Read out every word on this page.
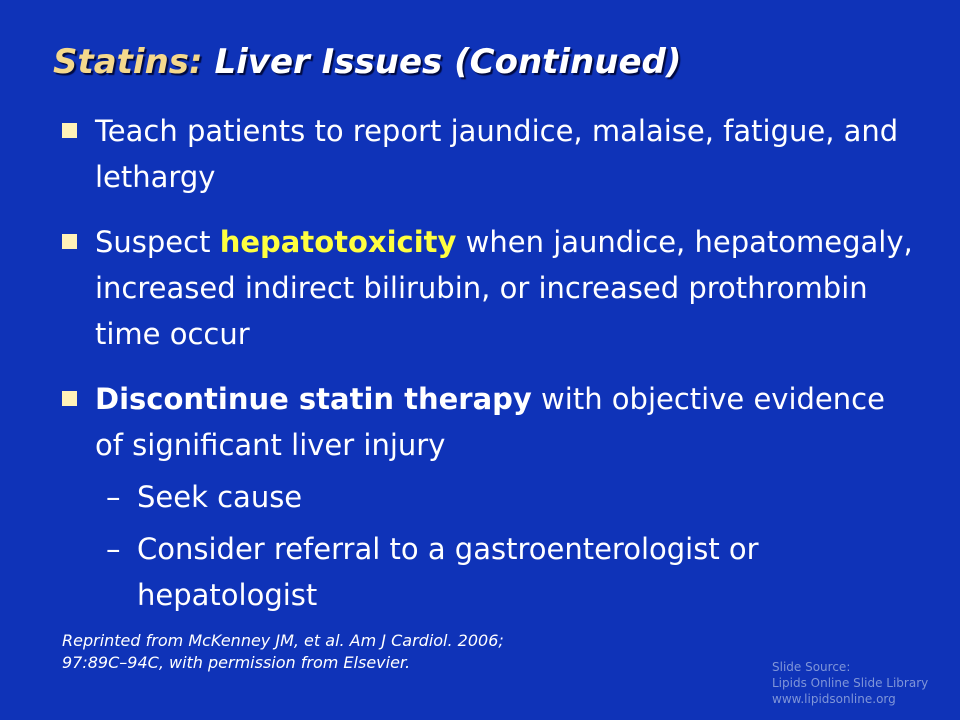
Statins: Liver Issues (Continued)
Teach patients to report jaundice, malaise, fatigue, and lethargy
Suspect hepatotoxicity when jaundice, hepatomegaly, increased indirect bilirubin, or increased prothrombin time occur
Discontinue statin therapy with objective evidence of significant liver injury
– Seek cause
– Consider referral to a gastroenterologist or hepatologist
Reprinted from McKenney JM, et al. Am J Cardiol. 2006;
97:89C–94C, with permission from Elsevier.	Slide Source:
Lipids Online Slide Library
www.lipidsonline.org
